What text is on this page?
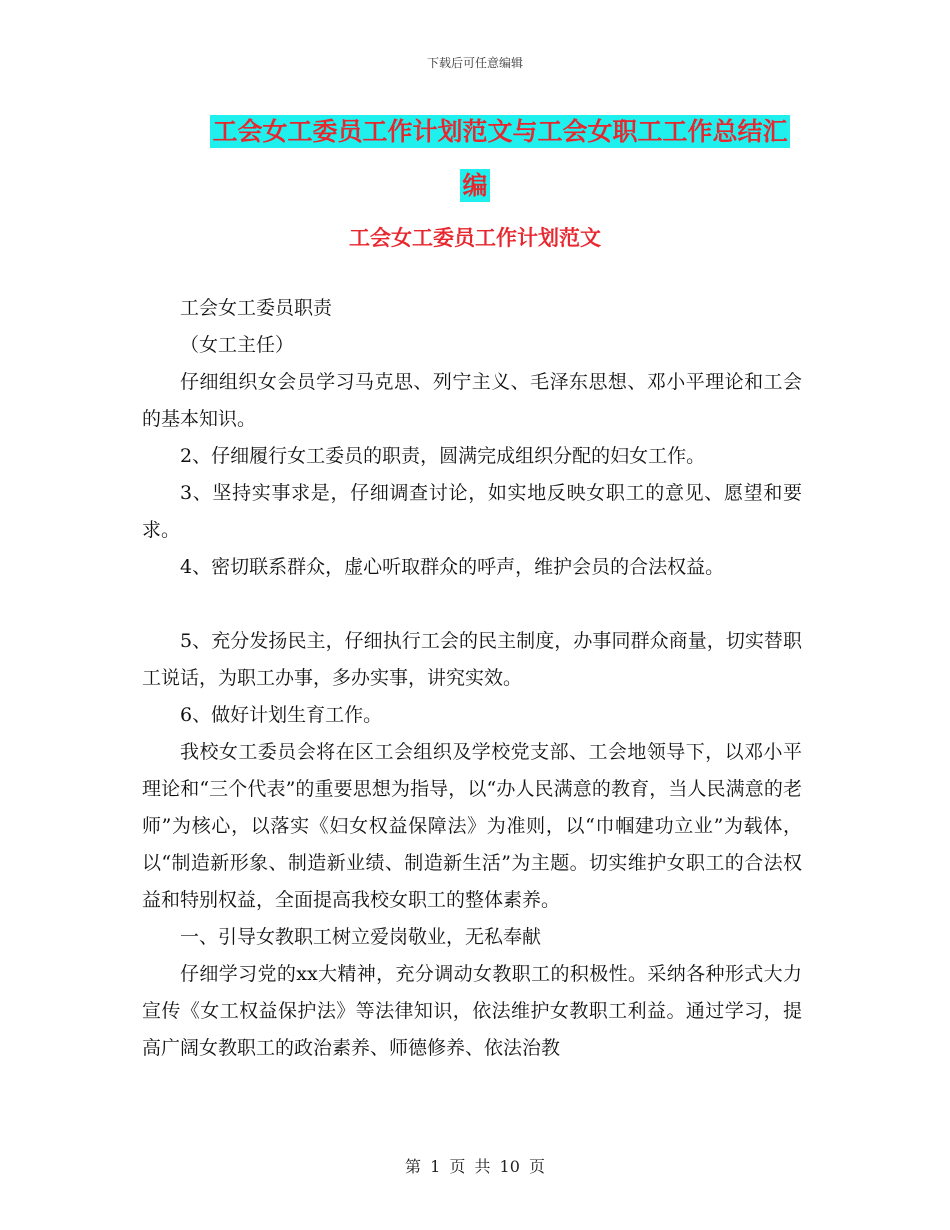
下载后可任意编辑
工会女工委员工作计划范文与工会女职工工作总结汇
编
工会女工委员工作计划范文

工会女工委员职责

（女工主任）

仔细组织女会员学习马克思、列宁主义、毛泽东思想、邓小平理论和工会的基本知识。

2、仔细履行女工委员的职责，圆满完成组织分配的妇女工作。

3、坚持实事求是，仔细调查讨论，如实地反映女职工的意见、愿望和要求。

4、密切联系群众，虚心听取群众的呼声，维护会员的合法权益。

5、充分发扬民主，仔细执行工会的民主制度，办事同群众商量，切实替职工说话，为职工办事，多办实事，讲究实效。

6、做好计划生育工作。

我校女工委员会将在区工会组织及学校党支部、工会地领导下，以邓小平理论和“三个代表”的重要思想为指导，以“办人民满意的教育，当人民满意的老师”为核心，以落实《妇女权益保障法》为准则，以“巾帼建功立业”为载体，以“制造新形象、制造新业绩、制造新生活”为主题。切实维护女职工的合法权益和特别权益，全面提高我校女职工的整体素养。

一、引导女教职工树立爱岗敬业，无私奉献

仔细学习党的xx大精神，充分调动女教职工的积极性。采纳各种形式大力宣传《女工权益保护法》等法律知识，依法维护女教职工利益。通过学习，提高广阔女教职工的政治素养、师德修养、依法治教

第 1 页 共 10 页
